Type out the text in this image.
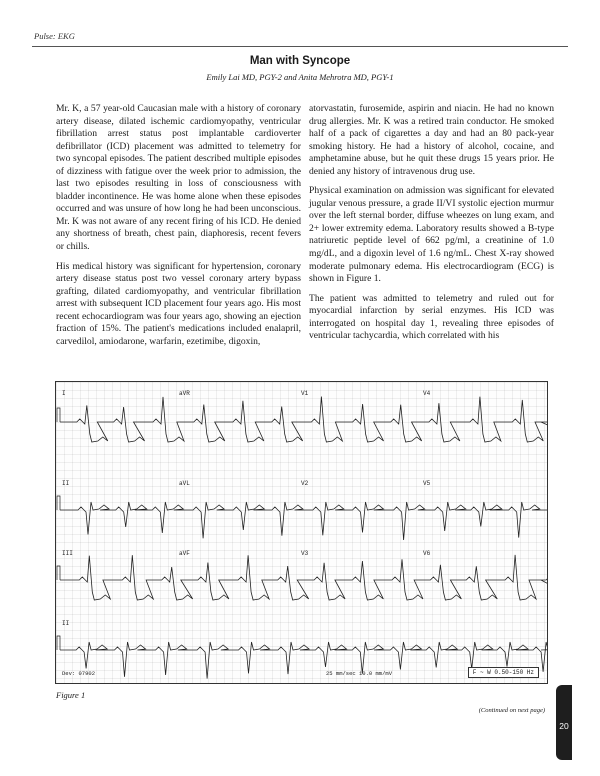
Pulse: EKG
Man with Syncope
Emily Lai MD, PGY-2 and Anita Mehrotra MD, PGY-1

Mr. K, a 57 year-old Caucasian male with a history of coronary artery disease, dilated ischemic cardiomyopathy, ventricular fibrillation arrest status post implantable cardioverter defibrillator (ICD) placement was admitted to telemetry for two syncopal episodes. The patient described multiple episodes of dizziness with fatigue over the week prior to admission, the last two episodes resulting in loss of consciousness with bladder incontinence. He was home alone when these episodes occurred and was unsure of how long he had been unconscious. Mr. K was not aware of any recent firing of his ICD. He denied any shortness of breath, chest pain, diaphoresis, recent fevers or chills.

His medical history was significant for hypertension, coronary artery disease status post two vessel coronary artery bypass grafting, dilated cardiomyopathy, and ventricular fibrillation arrest with subsequent ICD placement four years ago. His most recent echocardiogram was four years ago, showing an ejection fraction of 15%. The patient's medications included enalapril, carvedilol, amiodarone, warfarin, ezetimibe, digoxin,

atorvastatin, furosemide, aspirin and niacin. He had no known drug allergies. Mr. K was a retired train conductor. He smoked half of a pack of cigarettes a day and had an 80 pack-year smoking history. He had a history of alcohol, cocaine, and amphetamine abuse, but he quit these drugs 15 years prior. He denied any history of intravenous drug use.

Physical examination on admission was significant for elevated jugular venous pressure, a grade II/VI systolic ejection murmur over the left sternal border, diffuse wheezes on lung exam, and 2+ lower extremity edema. Laboratory results showed a B-type natriuretic peptide level of 662 pg/ml, a creatinine of 1.0 mg/dL, and a digoxin level of 1.6 ng/mL. Chest X-ray showed moderate pulmonary edema. His electrocardiogram (ECG) is shown in Figure 1.

The patient was admitted to telemetry and ruled out for myocardial infarction by serial enzymes. His ICD was interrogated on hospital day 1, revealing three episodes of ventricular tachycardia, which correlated with his

I	aVR	V1	V4
II	aVL	V2	V5
III	aVF	V3	V6
II
Dev: 07902	25 mm/sec 10.0 mm/mV	F ~ W 0.50-150 Hz
Figure 1
(Continued on next page)
20
